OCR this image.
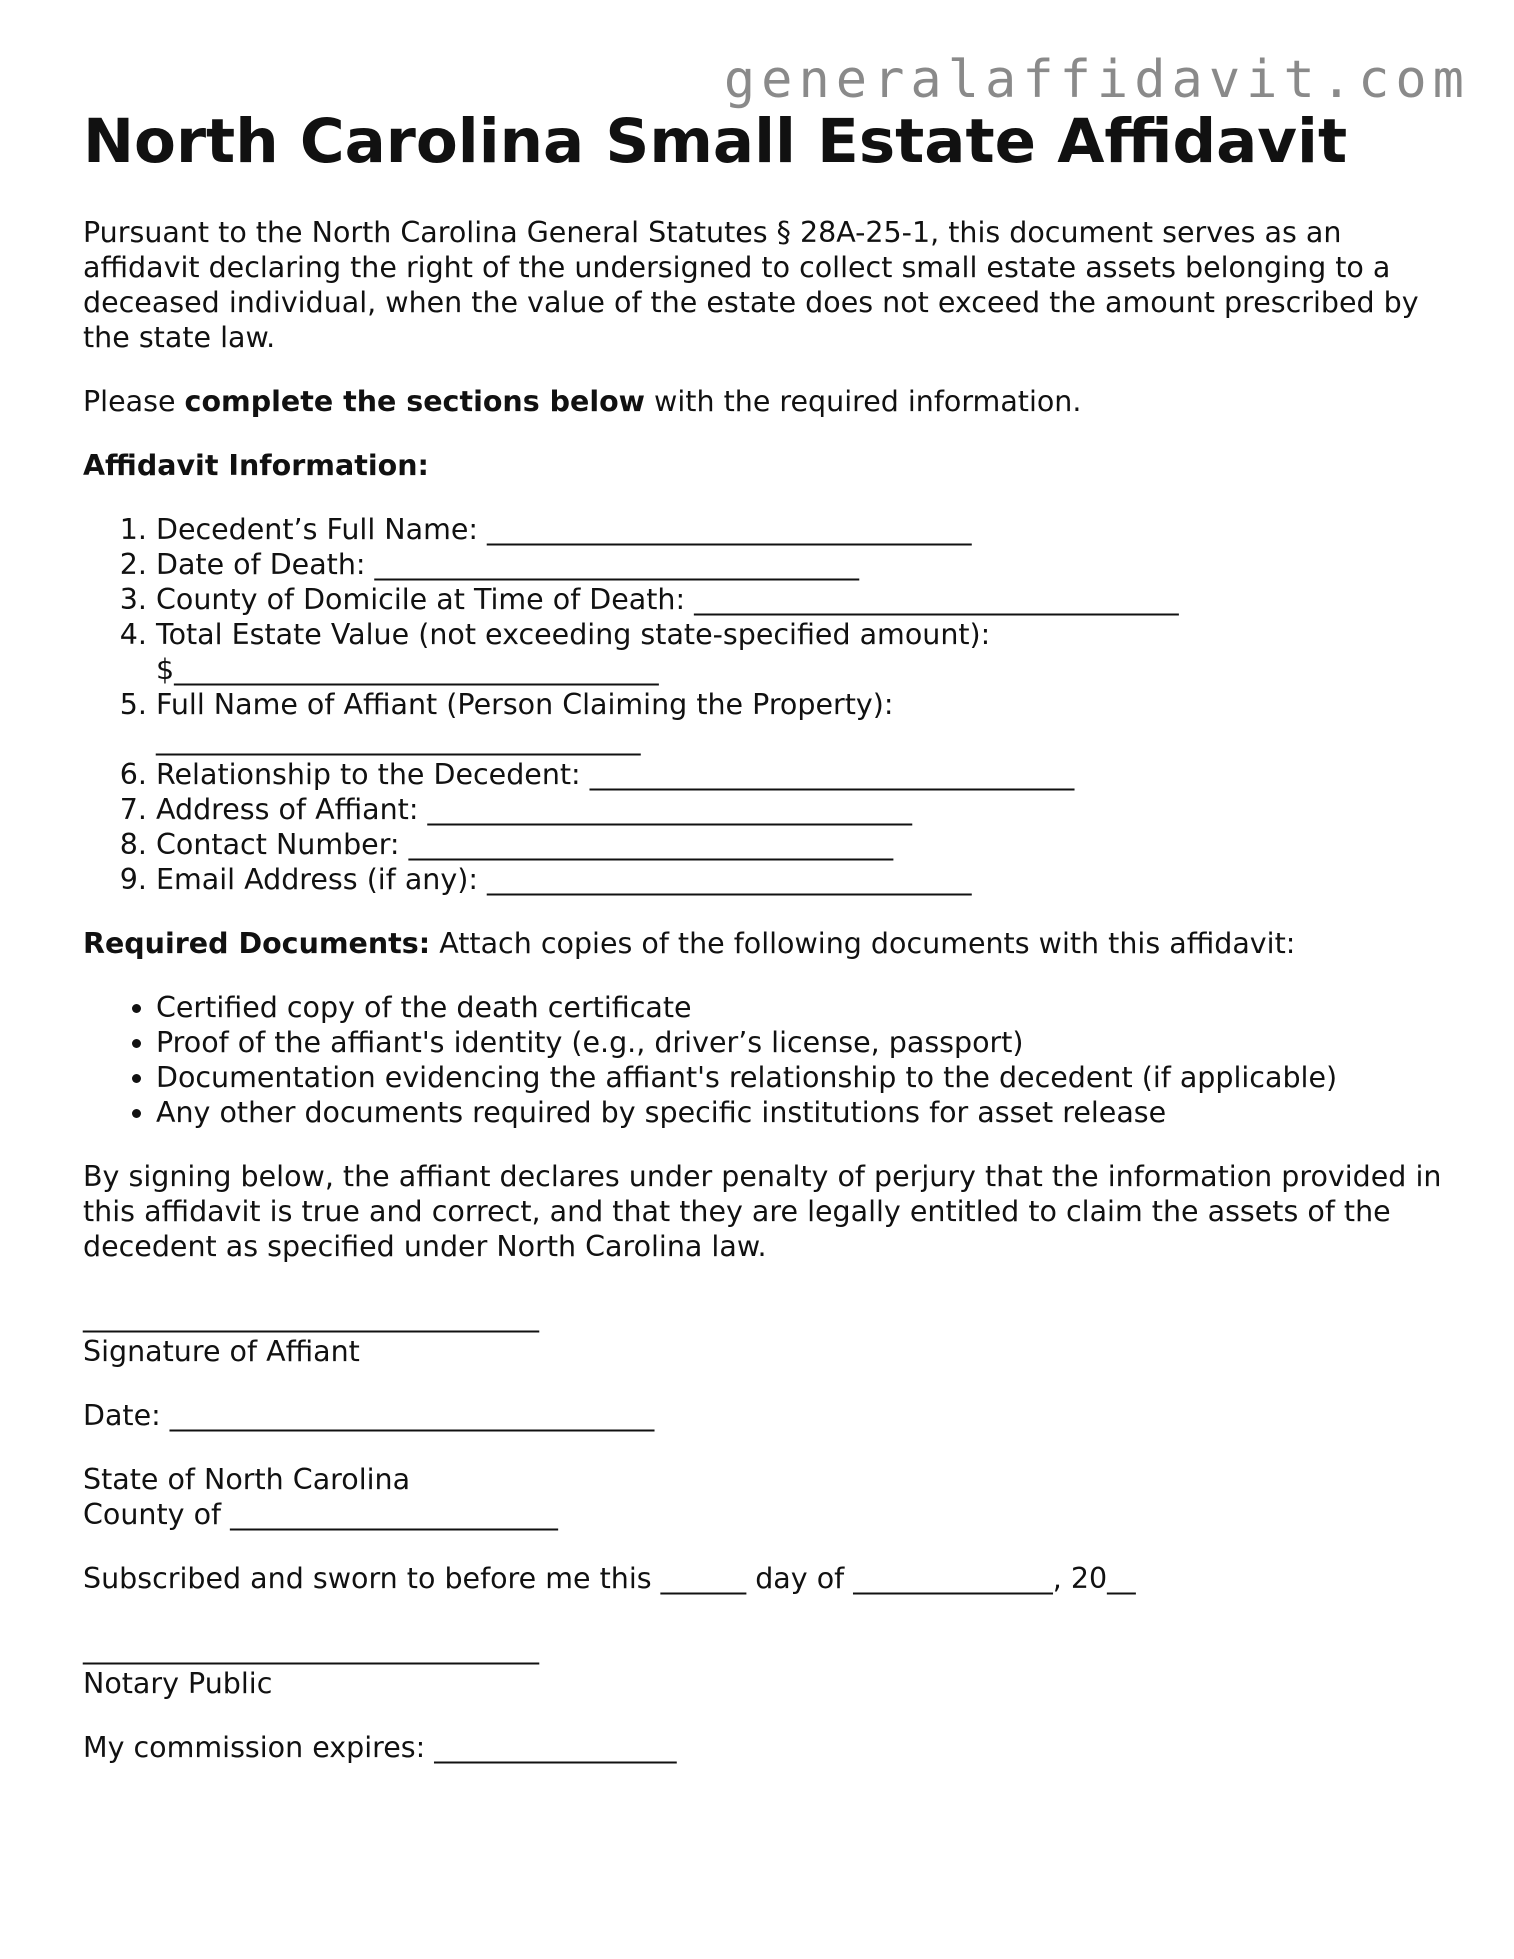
generalaffidavit.com
North Carolina Small Estate Affidavit

Pursuant to the North Carolina General Statutes § 28A-25-1, this document serves as an affidavit declaring the right of the undersigned to collect small estate assets belonging to a deceased individual, when the value of the estate does not exceed the amount prescribed by the state law.

Please complete the sections below with the required information.

Affidavit Information:

1. Decedent’s Full Name: __________________________________
2. Date of Death: __________________________________
3. County of Domicile at Time of Death: __________________________________
4. Total Estate Value (not exceeding state-specified amount): $__________________________________
5. Full Name of Affiant (Person Claiming the Property): __________________________________
6. Relationship to the Decedent: __________________________________
7. Address of Affiant: __________________________________
8. Contact Number: __________________________________
9. Email Address (if any): __________________________________

Required Documents: Attach copies of the following documents with this affidavit:

• Certified copy of the death certificate
• Proof of the affiant's identity (e.g., driver’s license, passport)
• Documentation evidencing the affiant's relationship to the decedent (if applicable)
• Any other documents required by specific institutions for asset release

By signing below, the affiant declares under penalty of perjury that the information provided in this affidavit is true and correct, and that they are legally entitled to claim the assets of the decedent as specified under North Carolina law.

________________________________
Signature of Affiant

Date: __________________________________

State of North Carolina
County of _______________________

Subscribed and sworn to before me this ______ day of ______________, 20__

________________________________
Notary Public

My commission expires: _________________
